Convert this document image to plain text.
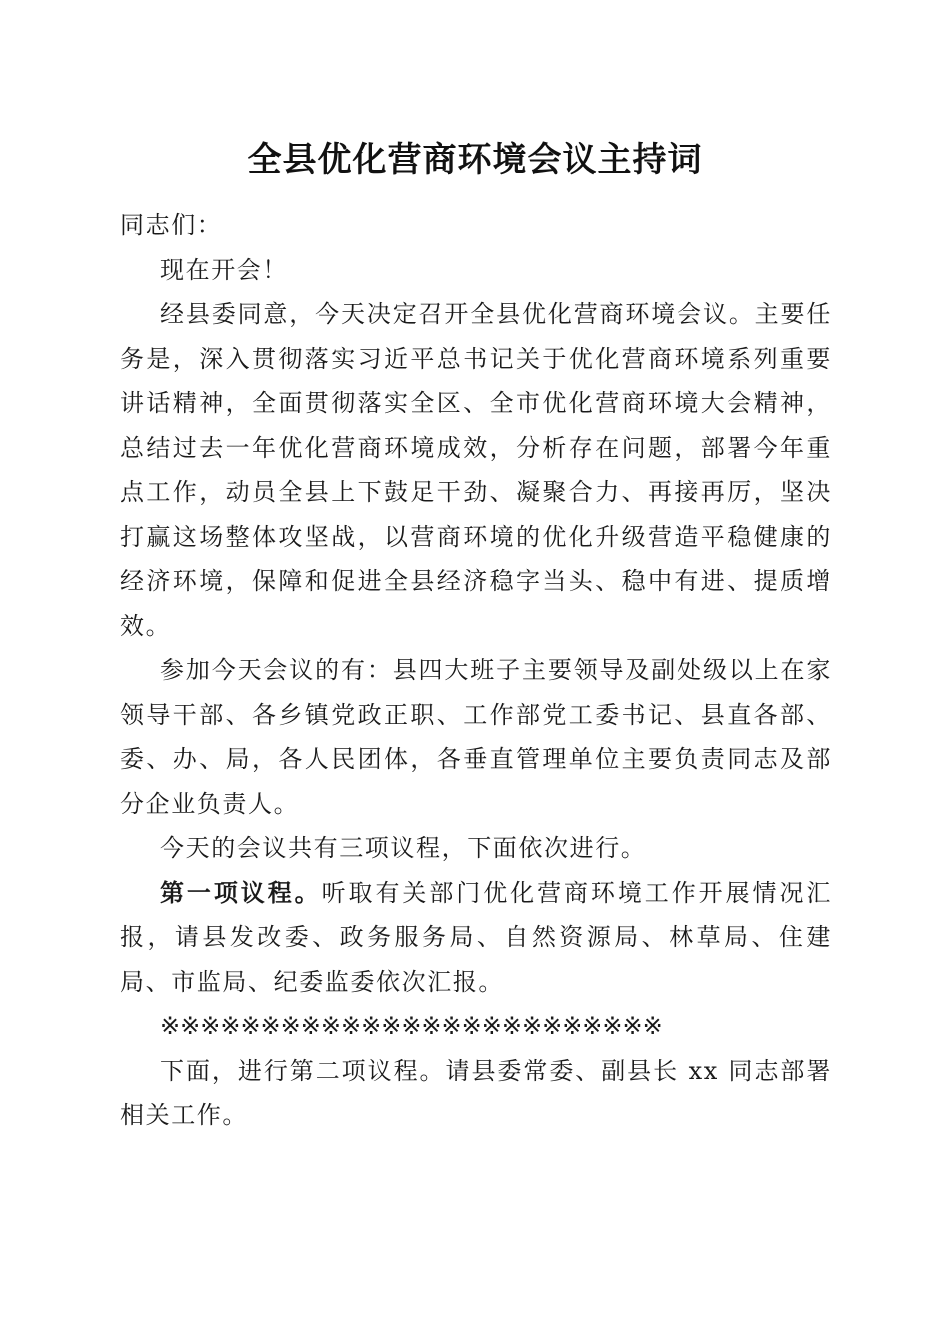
全县优化营商环境会议主持词

同志们：

现在开会！

经县委同意，今天决定召开全县优化营商环境会议。主要任务是，深入贯彻落实习近平总书记关于优化营商环境系列重要讲话精神，全面贯彻落实全区、全市优化营商环境大会精神，总结过去一年优化营商环境成效，分析存在问题，部署今年重点工作，动员全县上下鼓足干劲、凝聚合力、再接再厉，坚决打赢这场整体攻坚战，以营商环境的优化升级营造平稳健康的经济环境，保障和促进全县经济稳字当头、稳中有进、提质增效。

参加今天会议的有：县四大班子主要领导及副处级以上在家领导干部、各乡镇党政正职、工作部党工委书记、县直各部、委、办、局，各人民团体，各垂直管理单位主要负责同志及部分企业负责人。

今天的会议共有三项议程，下面依次进行。

第一项议程。听取有关部门优化营商环境工作开展情况汇报，请县发改委、政务服务局、自然资源局、林草局、住建局、市监局、纪委监委依次汇报。

※※※※※※※※※※※※※※※※※※※※※※※※※

下面，进行第二项议程。请县委常委、副县长 xx 同志部署相关工作。
